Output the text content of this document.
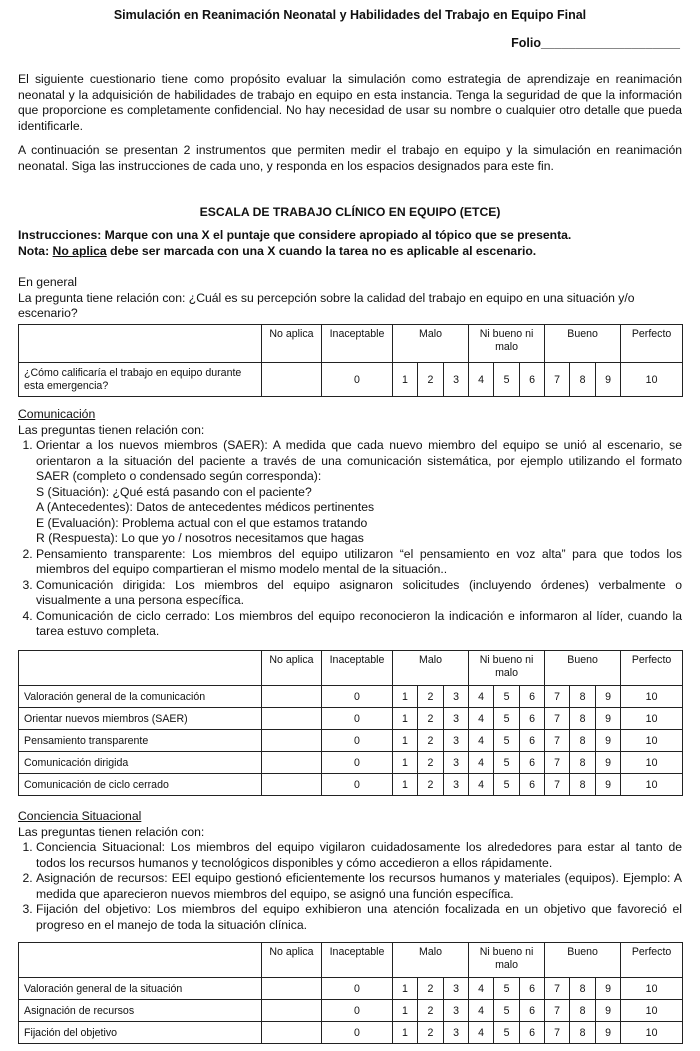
Simulación en Reanimación Neonatal y Habilidades del Trabajo en Equipo Final
Folio____________________

El siguiente cuestionario tiene como propósito evaluar la simulación como estrategia de aprendizaje en reanimación neonatal y la adquisición de habilidades de trabajo en equipo en esta instancia. Tenga la seguridad de que la información que proporcione es completamente confidencial. No hay necesidad de usar su nombre o cualquier otro detalle que pueda identificarle.

A continuación se presentan 2 instrumentos que permiten medir el trabajo en equipo y la simulación en reanimación neonatal. Siga las instrucciones de cada uno, y responda en los espacios designados para este fin.

ESCALA DE TRABAJO CLÍNICO EN EQUIPO (ETCE)

Instrucciones: Marque con una X el puntaje que considere apropiado al tópico que se presenta.

Nota: No aplica debe ser marcada con una X cuando la tarea no es aplicable al escenario.

En general

La pregunta tiene relación con: ¿Cuál es su percepción sobre la calidad del trabajo en equipo en una situación y/o escenario?

	No aplica	Inaceptable	Malo			Ni bueno ni malo			Bueno			Perfecto
¿Cómo calificaría el trabajo en equipo durante esta emergencia?		0	1	2	3	4	5	6	7	8	9	10

Comunicación

Las preguntas tienen relación con:

1. Orientar a los nuevos miembros (SAER): A medida que cada nuevo miembro del equipo se unió al escenario, se orientaron a la situación del paciente a través de una comunicación sistemática, por ejemplo utilizando el formato SAER (completo o condensado según corresponda):

S (Situación): ¿Qué está pasando con el paciente?

A (Antecedentes): Datos de antecedentes médicos pertinentes

E (Evaluación): Problema actual con el que estamos tratando

R (Respuesta): Lo que yo / nosotros necesitamos que hagas

2. Pensamiento transparente: Los miembros del equipo utilizaron “el pensamiento en voz alta” para que todos los miembros del equipo compartieran el mismo modelo mental de la situación..
3. Comunicación dirigida: Los miembros del equipo asignaron solicitudes (incluyendo órdenes) verbalmente o visualmente a una persona específica.
4. Comunicación de ciclo cerrado: Los miembros del equipo reconocieron la indicación e informaron al líder, cuando la tarea estuvo completa.
	No aplica	Inaceptable	Malo			Ni bueno ni malo			Bueno			Perfecto
Valoración general de la comunicación		0	1	2	3	4	5	6	7	8	9	10
Orientar nuevos miembros (SAER)		0	1	2	3	4	5	6	7	8	9	10
Pensamiento transparente		0	1	2	3	4	5	6	7	8	9	10
Comunicación dirigida		0	1	2	3	4	5	6	7	8	9	10
Comunicación de ciclo cerrado		0	1	2	3	4	5	6	7	8	9	10

Conciencia Situacional

Las preguntas tienen relación con:

1. Conciencia Situacional: Los miembros del equipo vigilaron cuidadosamente los alrededores para estar al tanto de todos los recursos humanos y tecnológicos disponibles y cómo accedieron a ellos rápidamente.
2. Asignación de recursos: EEl equipo gestionó eficientemente los recursos humanos y materiales (equipos). Ejemplo: A medida que aparecieron nuevos miembros del equipo, se asignó una función específica.
3. Fijación del objetivo: Los miembros del equipo exhibieron una atención focalizada en un objetivo que favoreció el progreso en el manejo de toda la situación clínica.
	No aplica	Inaceptable	Malo			Ni bueno ni malo			Bueno			Perfecto
Valoración general de la situación		0	1	2	3	4	5	6	7	8	9	10
Asignación de recursos		0	1	2	3	4	5	6	7	8	9	10
Fijación del objetivo		0	1	2	3	4	5	6	7	8	9	10
